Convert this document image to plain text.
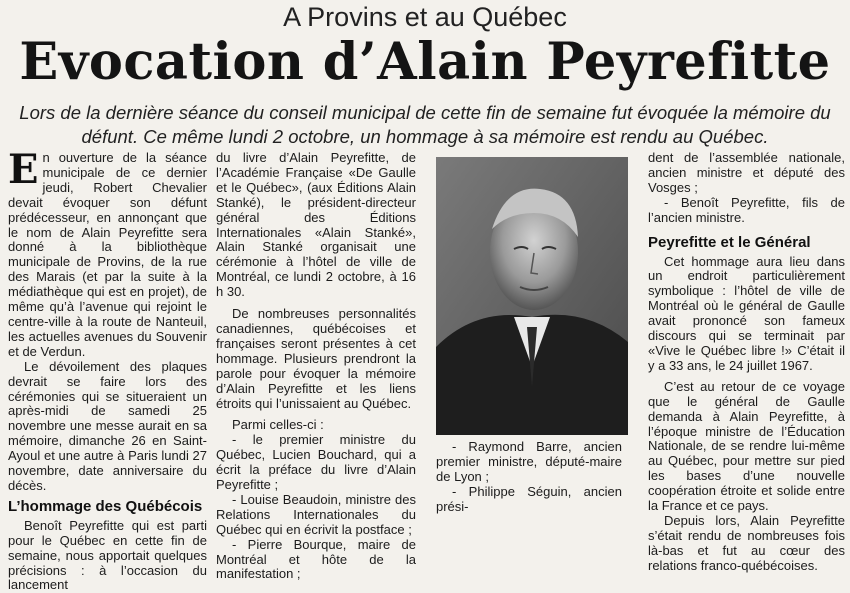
A Provins et au Québec
Evocation d’Alain Peyrefitte
Lors de la dernière séance du conseil municipal de cette fin de semaine fut évoquée la mémoire du défunt. Ce même lundi 2 octobre, un hommage à sa mémoire est rendu au Québec.

En ouverture de la séance municipale de ce dernier jeudi, Robert Chevalier devait évoquer son défunt prédécesseur, en annonçant que le nom de Alain Peyrefitte sera donné à la bibliothèque municipale de Provins, de la rue des Marais (et par la suite à la médiathèque qui est en projet), de même qu’à l’avenue qui rejoint le centre-ville à la route de Nanteuil, les actuelles avenues du Souvenir et de Verdun.

Le dévoilement des plaques devrait se faire lors des cérémonies qui se situeraient un après-midi de samedi 25 novembre une messe aurait en sa mémoire, dimanche 26 en Saint-Ayoul et une autre à Paris lundi 27 novembre, date anniversaire du décès.

L’hommage des Québécois

Benoît Peyrefitte qui est parti pour le Québec en cette fin de semaine, nous apportait quelques précisions : à l’occasion du lancement

du livre d’Alain Peyrefitte, de l’Académie Française «De Gaulle et le Québec», (aux Éditions Alain Stanké), le président-directeur général des Éditions Internationales «Alain Stanké», Alain Stanké organisait une cérémonie à l’hôtel de ville de Montréal, ce lundi 2 octobre, à 16 h 30.

De nombreuses personnalités canadiennes, québécoises et françaises seront présentes à cet hommage. Plusieurs prendront la parole pour évoquer la mémoire d’Alain Peyrefitte et les liens étroits qui l’unissaient au Québec.

Parmi celles-ci :

- le premier ministre du Québec, Lucien Bouchard, qui a écrit la préface du livre d’Alain Peyrefitte ;

- Louise Beaudoin, ministre des Relations Internationales du Québec qui en écrivit la postface ;

- Pierre Bourque, maire de Montréal et hôte de la manifestation ;

- Raymond Barre, ancien premier ministre, député-maire de Lyon ;

- Philippe Séguin, ancien prési-

dent de l’assemblée nationale, ancien ministre et député des Vosges ;

- Benoît Peyrefitte, fils de l’ancien ministre.

Peyrefitte et le Général

Cet hommage aura lieu dans un endroit particulièrement symbolique : l’hôtel de ville de Montréal où le général de Gaulle avait prononcé son fameux discours qui se terminait par «Vive le Québec libre !» C’était il y a 33 ans, le 24 juillet 1967.

C’est au retour de ce voyage que le général de Gaulle demanda à Alain Peyrefitte, à l’époque ministre de l’Éducation Nationale, de se rendre lui-même au Québec, pour mettre sur pied les bases d’une nouvelle coopération étroite et solide entre la France et ce pays.

Depuis lors, Alain Peyrefitte s’était rendu de nombreuses fois là-bas et fut au cœur des relations franco-québécoises.
